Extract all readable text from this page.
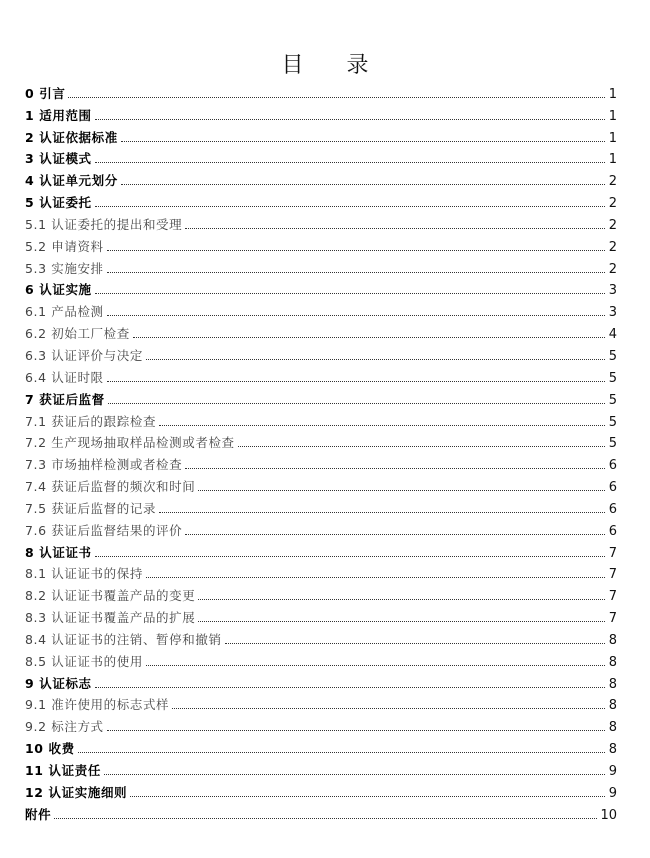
目 录
0 引言	1
1 适用范围	1
2 认证依据标准	1
3 认证模式	1
4 认证单元划分	2
5 认证委托	2
5.1 认证委托的提出和受理	2
5.2 申请资料	2
5.3 实施安排	2
6 认证实施	3
6.1 产品检测	3
6.2 初始工厂检查	4
6.3 认证评价与决定	5
6.4 认证时限	5
7 获证后监督	5
7.1 获证后的跟踪检查	5
7.2 生产现场抽取样品检测或者检查	5
7.3 市场抽样检测或者检查	6
7.4 获证后监督的频次和时间	6
7.5 获证后监督的记录	6
7.6 获证后监督结果的评价	6
8 认证证书	7
8.1 认证证书的保持	7
8.2 认证证书覆盖产品的变更	7
8.3 认证证书覆盖产品的扩展	7
8.4 认证证书的注销、暂停和撤销	8
8.5 认证证书的使用	8
9 认证标志	8
9.1 准许使用的标志式样	8
9.2 标注方式	8
10 收费	8
11 认证责任	9
12 认证实施细则	9
附件	10
